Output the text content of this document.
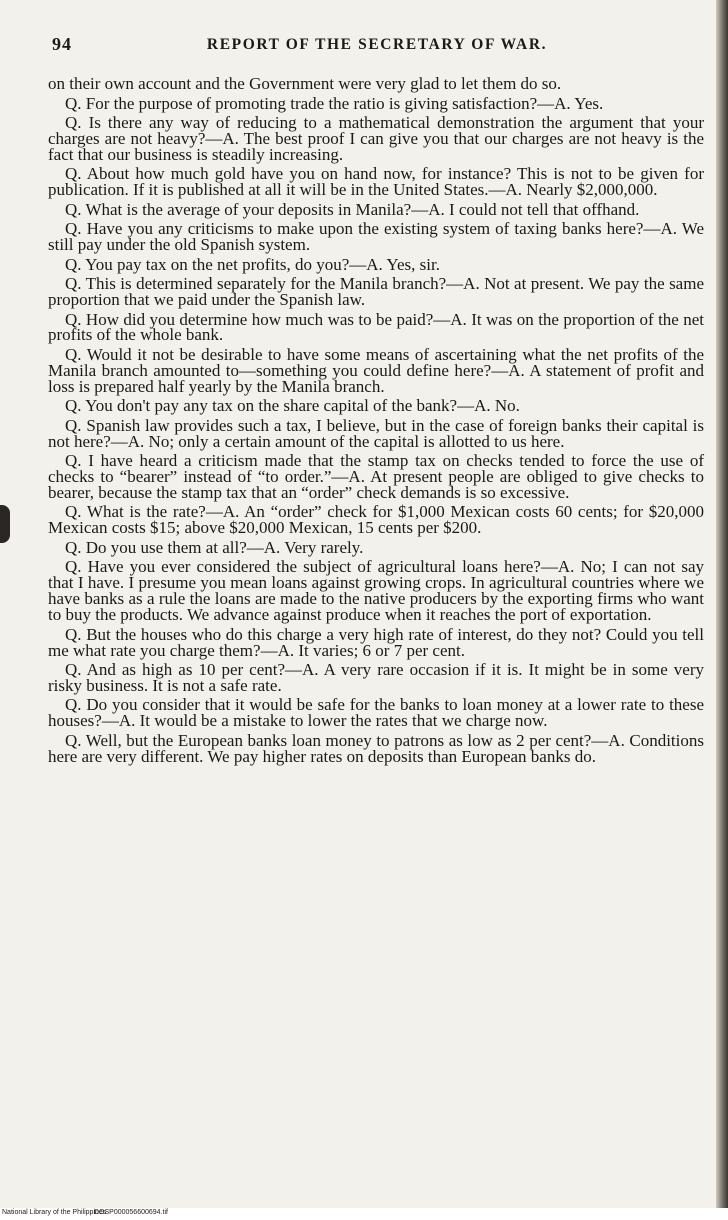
94	REPORT OF THE SECRETARY OF WAR.

on their own account and the Government were very glad to let them do so.

Q. For the purpose of promoting trade the ratio is giving satisfaction?—A. Yes.

Q. Is there any way of reducing to a mathematical demonstration the argument that your charges are not heavy?—A. The best proof I can give you that our charges are not heavy is the fact that our business is steadily increasing.

Q. About how much gold have you on hand now, for instance? This is not to be given for publication. If it is published at all it will be in the United States.—A. Nearly $2,000,000.

Q. What is the average of your deposits in Manila?—A. I could not tell that offhand.

Q. Have you any criticisms to make upon the existing system of taxing banks here?—A. We still pay under the old Spanish system.

Q. You pay tax on the net profits, do you?—A. Yes, sir.

Q. This is determined separately for the Manila branch?—A. Not at present. We pay the same proportion that we paid under the Spanish law.

Q. How did you determine how much was to be paid?—A. It was on the proportion of the net profits of the whole bank.

Q. Would it not be desirable to have some means of ascertaining what the net profits of the Manila branch amounted to—something you could define here?—A. A statement of profit and loss is prepared half yearly by the Manila branch.

Q. You don't pay any tax on the share capital of the bank?—A. No.

Q. Spanish law provides such a tax, I believe, but in the case of foreign banks their capital is not here?—A. No; only a certain amount of the capital is allotted to us here.

Q. I have heard a criticism made that the stamp tax on checks tended to force the use of checks to “bearer” instead of “to order.”—A. At present people are obliged to give checks to bearer, because the stamp tax that an “order” check demands is so excessive.

Q. What is the rate?—A. An “order” check for $1,000 Mexican costs 60 cents; for $20,000 Mexican costs $15; above $20,000 Mexican, 15 cents per $200.

Q. Do you use them at all?—A. Very rarely.

Q. Have you ever considered the subject of agricultural loans here?—A. No; I can not say that I have. I presume you mean loans against growing crops. In agricultural countries where we have banks as a rule the loans are made to the native producers by the exporting firms who want to buy the products. We advance against produce when it reaches the port of exportation.

Q. But the houses who do this charge a very high rate of interest, do they not? Could you tell me what rate you charge them?—A. It varies; 6 or 7 per cent.

Q. And as high as 10 per cent?—A. A very rare occasion if it is. It might be in some very risky business. It is not a safe rate.

Q. Do you consider that it would be safe for the banks to loan money at a lower rate to these houses?—A. It would be a mistake to lower the rates that we charge now.

Q. Well, but the European banks loan money to patrons as low as 2 per cent?—A. Conditions here are very different. We pay higher rates on deposits than European banks do.

National Library of the Philippines
DOSP000056600694.tif
